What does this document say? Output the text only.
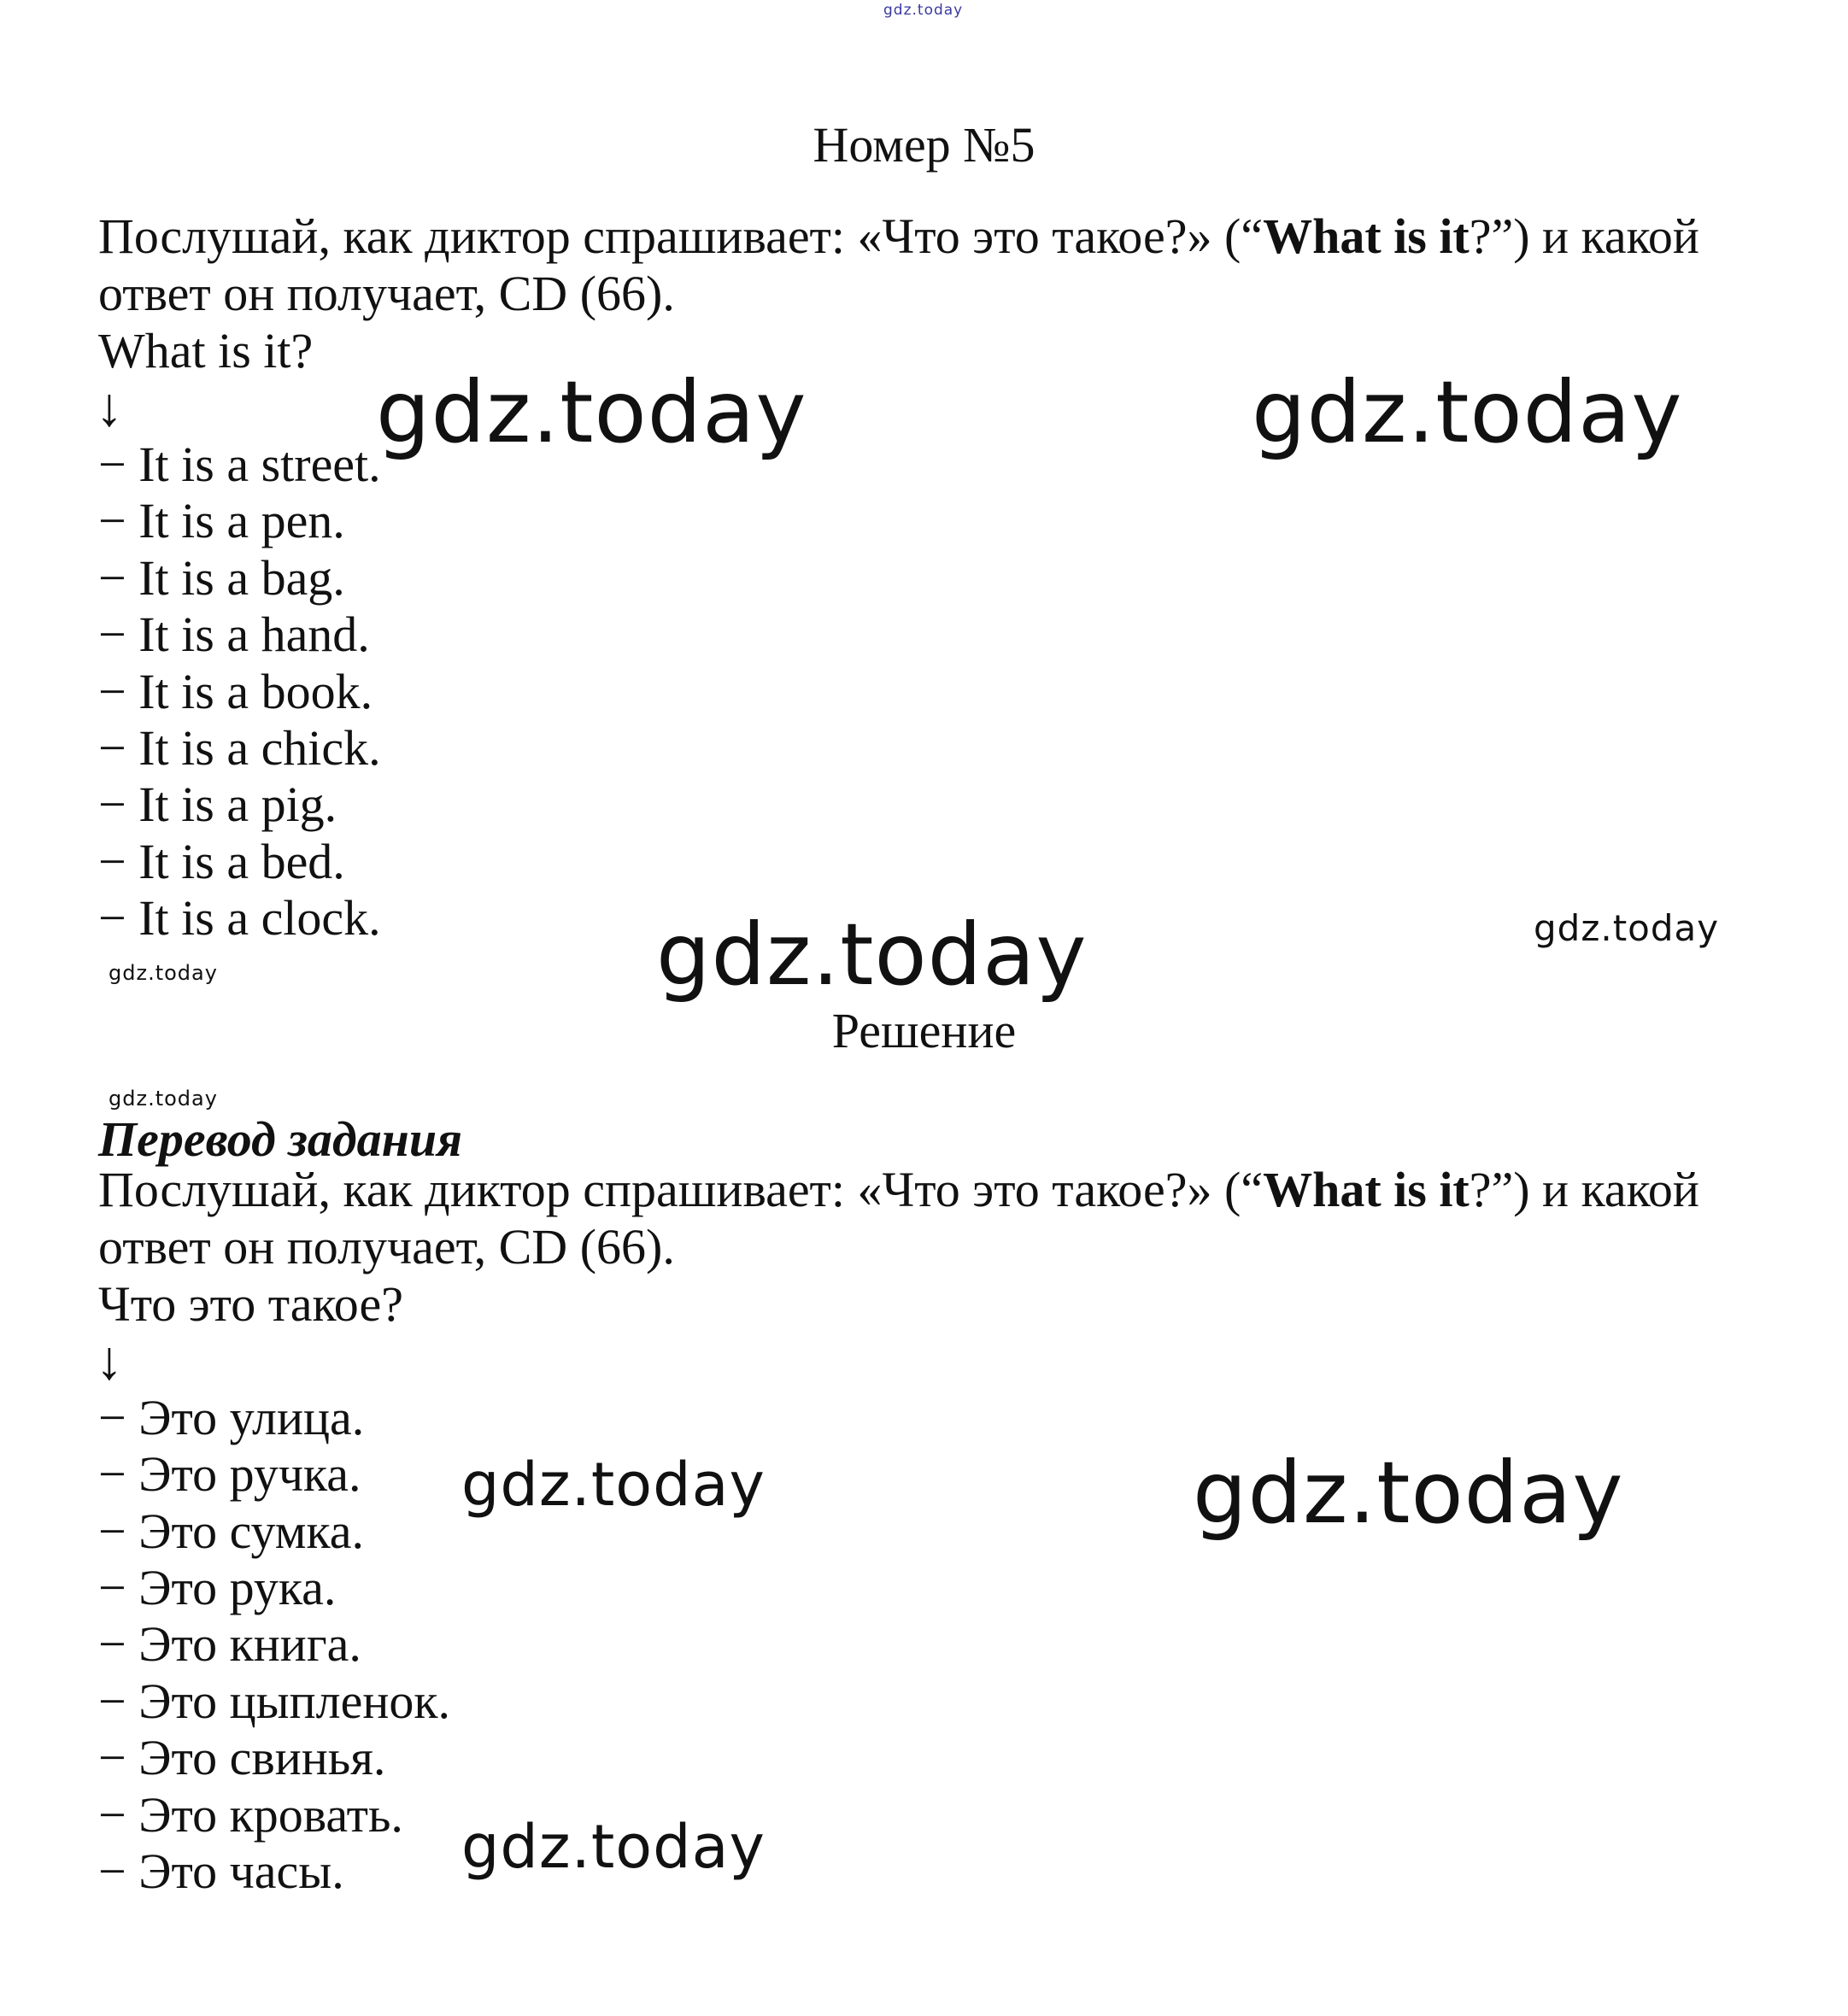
gdz.today
Номер №5
Послушай, как диктор спрашивает: «Что это такое?» (“What is it?”) и какой ответ он получает, CD (66).
What is it?
↓
− It is a street.
− It is a pen.
− It is a bag.
− It is a hand.
− It is a book.
− It is a chick.
− It is a pig.
− It is a bed.
− It is a clock.
Решение
Перевод задания
Послушай, как диктор спрашивает: «Что это такое?» (“What is it?”) и какой ответ он получает, CD (66).
Что это такое?
↓
− Это улица.
− Это ручка.
− Это сумка.
− Это рука.
− Это книга.
− Это цыпленок.
− Это свинья.
− Это кровать.
− Это часы.
gdz.today	gdz.today
gdz.today	gdz.today
gdz.today
gdz.today
gdz.today	gdz.today
gdz.today
